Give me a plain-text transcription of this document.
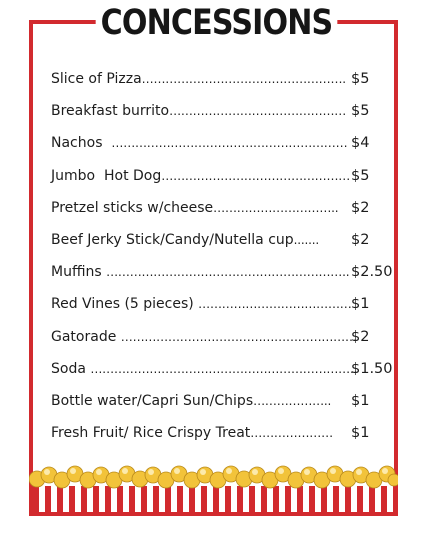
CONCESSIONS
Slice of Pizza ……………………………………………. $5
Breakfast burrito ……………………………………… $5
Nachos …………………………………………………… $4
Jumbo  Hot Dog ………………………………………… $5
Pretzel sticks w/cheese ………………………….. $2
Beef Jerky Stick/Candy/Nutella cup ....... $2
Muffins …………………………………………………….. $2.50
Red Vines (5 pieces) ………………………………… $1
Gatorade ……………………………………………………
$2
Soda …………………………………………………………..
$1.50
Bottle water/Capri Sun/Chips ……………….. $1
Fresh Fruit/ Rice Crispy Treat ………………… $1
